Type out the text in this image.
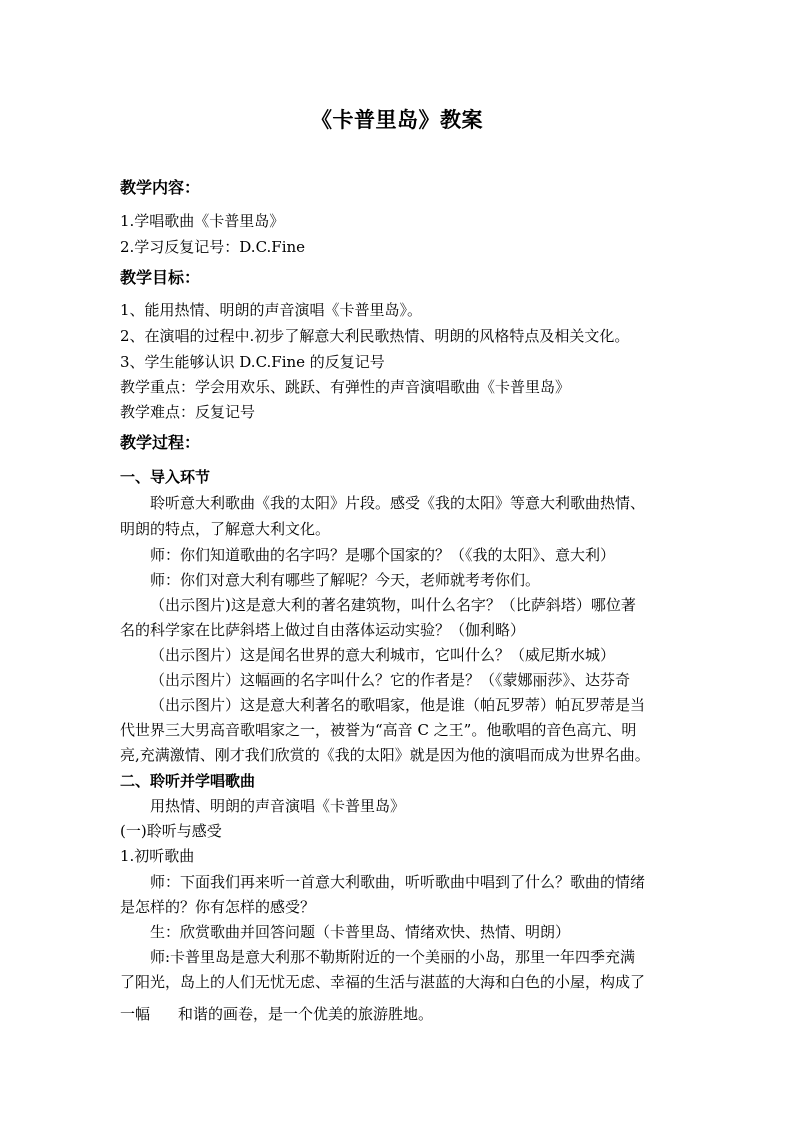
《卡普里岛》教案
教学内容：
1.学唱歌曲《卡普里岛》
2.学习反复记号：D.C.Fine
教学目标：
1、能用热情、明朗的声音演唱《卡普里岛》。
2、在演唱的过程中.初步了解意大利民歌热情、明朗的风格特点及相关文化。
3、学生能够认识 D.C.Fine 的反复记号
教学重点：学会用欢乐、跳跃、有弹性的声音演唱歌曲《卡普里岛》
教学难点：反复记号
教学过程：
一、导入环节
聆听意大利歌曲《我的太阳》片段。感受《我的太阳》等意大利歌曲热情、
明朗的特点，了解意大利文化。
师：你们知道歌曲的名字吗？是哪个国家的？（《我的太阳》、意大利）
师：你们对意大利有哪些了解呢？今天，老师就考考你们。
（出示图片)这是意大利的著名建筑物，叫什么名字？（比萨斜塔）哪位著
名的科学家在比萨斜塔上做过自由落体运动实验？（伽利略）
（出示图片）这是闻名世界的意大利城市，它叫什么？（威尼斯水城）
（出示图片）这幅画的名字叫什么？它的作者是？（《蒙娜丽莎》、达芬奇
（出示图片）这是意大利著名的歌唱家，他是谁（帕瓦罗蒂）帕瓦罗蒂是当
代世界三大男高音歌唱家之一，被誉为“高音 C 之王”。他歌唱的音色高亢、明
亮,充满激情、刚才我们欣赏的《我的太阳》就是因为他的演唱而成为世界名曲。
二、聆听并学唱歌曲
用热情、明朗的声音演唱《卡普里岛》
(一)聆听与感受
1.初听歌曲
师：下面我们再来听一首意大利歌曲，听听歌曲中唱到了什么？歌曲的情绪
是怎样的？你有怎样的感受？
生：欣赏歌曲并回答问题（卡普里岛、情绪欢快、热情、明朗）
师:卡普里岛是意大利那不勒斯附近的一个美丽的小岛，那里一年四季充满
了阳光，岛上的人们无忧无虑、幸福的生活与湛蓝的大海和白色的小屋，构成了
一幅 和谐的画卷，是一个优美的旅游胜地。
